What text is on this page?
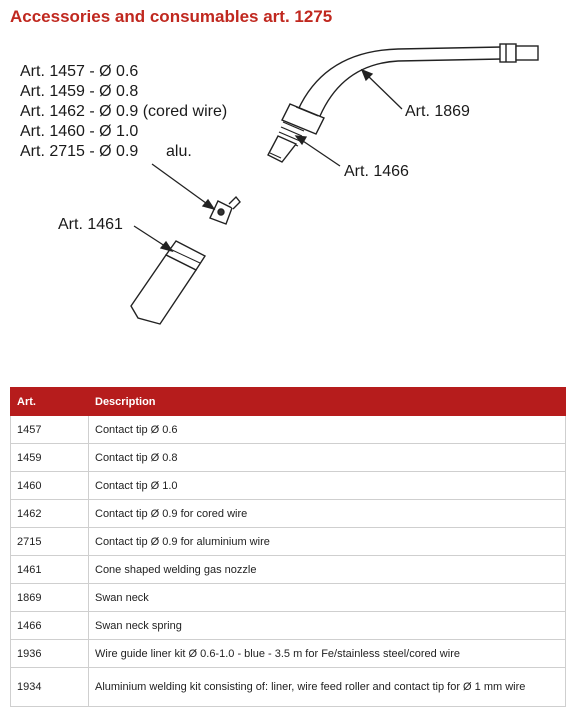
Accessories and consumables art. 1275
Art. 1457 - Ø 0.6
Art. 1459 - Ø 0.8
Art. 1462 - Ø 0.9 (cored wire)
Art. 1460 - Ø 1.0
Art. 2715 - Ø 0.9 alu.
Art. 1461
Art. 1869
Art. 1466
Art.	Description
1457	Contact tip Ø 0.6
1459	Contact tip Ø 0.8
1460	Contact tip Ø 1.0
1462	Contact tip Ø 0.9 for cored wire
2715	Contact tip Ø 0.9 for aluminium wire
1461	Cone shaped welding gas nozzle
1869	Swan neck
1466	Swan neck spring
1936	Wire guide liner kit Ø 0.6-1.0 - blue - 3.5 m for Fe/stainless steel/cored wire
1934	Aluminium welding kit consisting of: liner, wire feed roller and contact tip for Ø 1 mm wire
